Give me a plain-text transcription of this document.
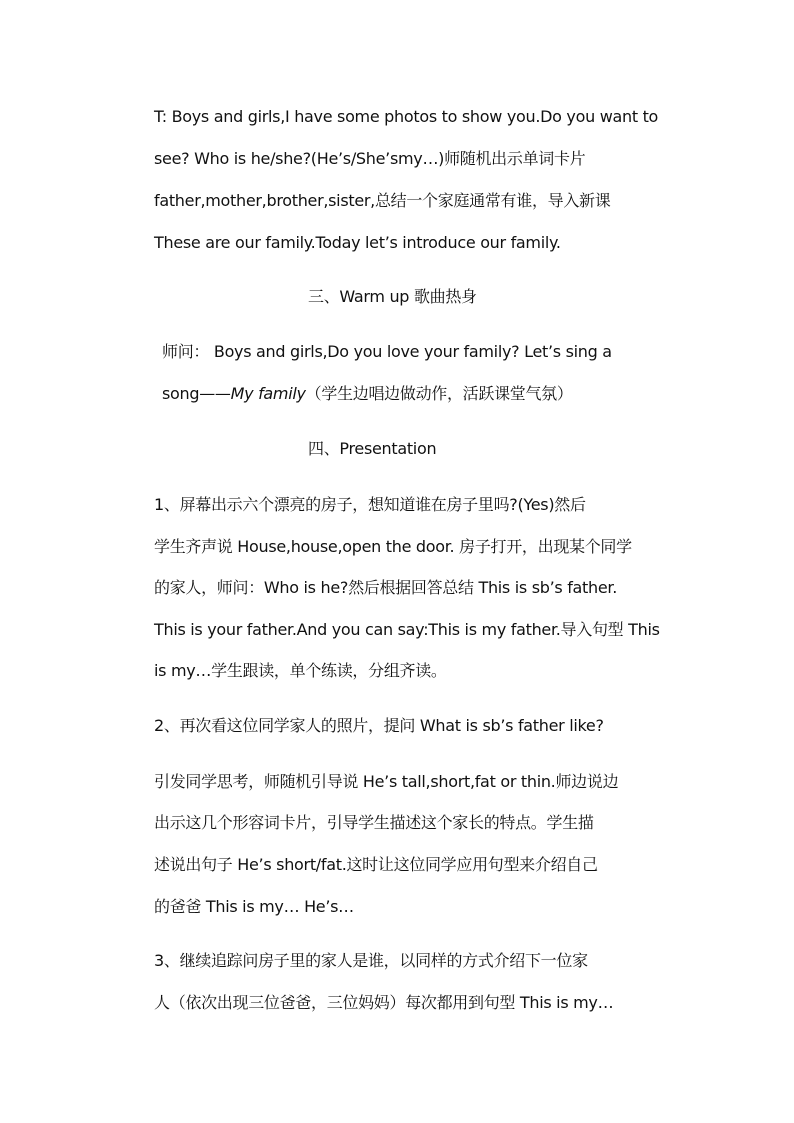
T: Boys and girls,I have some photos to show you.Do you want to
see? Who is he/she?(He’s/She’smy…)师随机出示单词卡片
father,mother,brother,sister,总结一个家庭通常有谁，导入新课
These are our family.Today let’s introduce our family.
三、Warm up 歌曲热身
师问： Boys and girls,Do you love your family? Let’s sing a
song——My family（学生边唱边做动作，活跃课堂气氛）
四、Presentation
1、屏幕出示六个漂亮的房子，想知道谁在房子里吗?(Yes)然后
学生齐声说 House,house,open the door. 房子打开，出现某个同学
的家人，师问：Who is he?然后根据回答总结 This is sb’s father.
This is your father.And you can say:This is my father.导入句型 This
is my…学生跟读，单个练读，分组齐读。
2、再次看这位同学家人的照片，提问 What is sb’s father like?
引发同学思考，师随机引导说 He’s tall,short,fat or thin.师边说边
出示这几个形容词卡片，引导学生描述这个家长的特点。学生描
述说出句子 He’s short/fat.这时让这位同学应用句型来介绍自己
的爸爸 This is my… He’s…
3、继续追踪问房子里的家人是谁，以同样的方式介绍下一位家
人（依次出现三位爸爸，三位妈妈）每次都用到句型 This is my…
